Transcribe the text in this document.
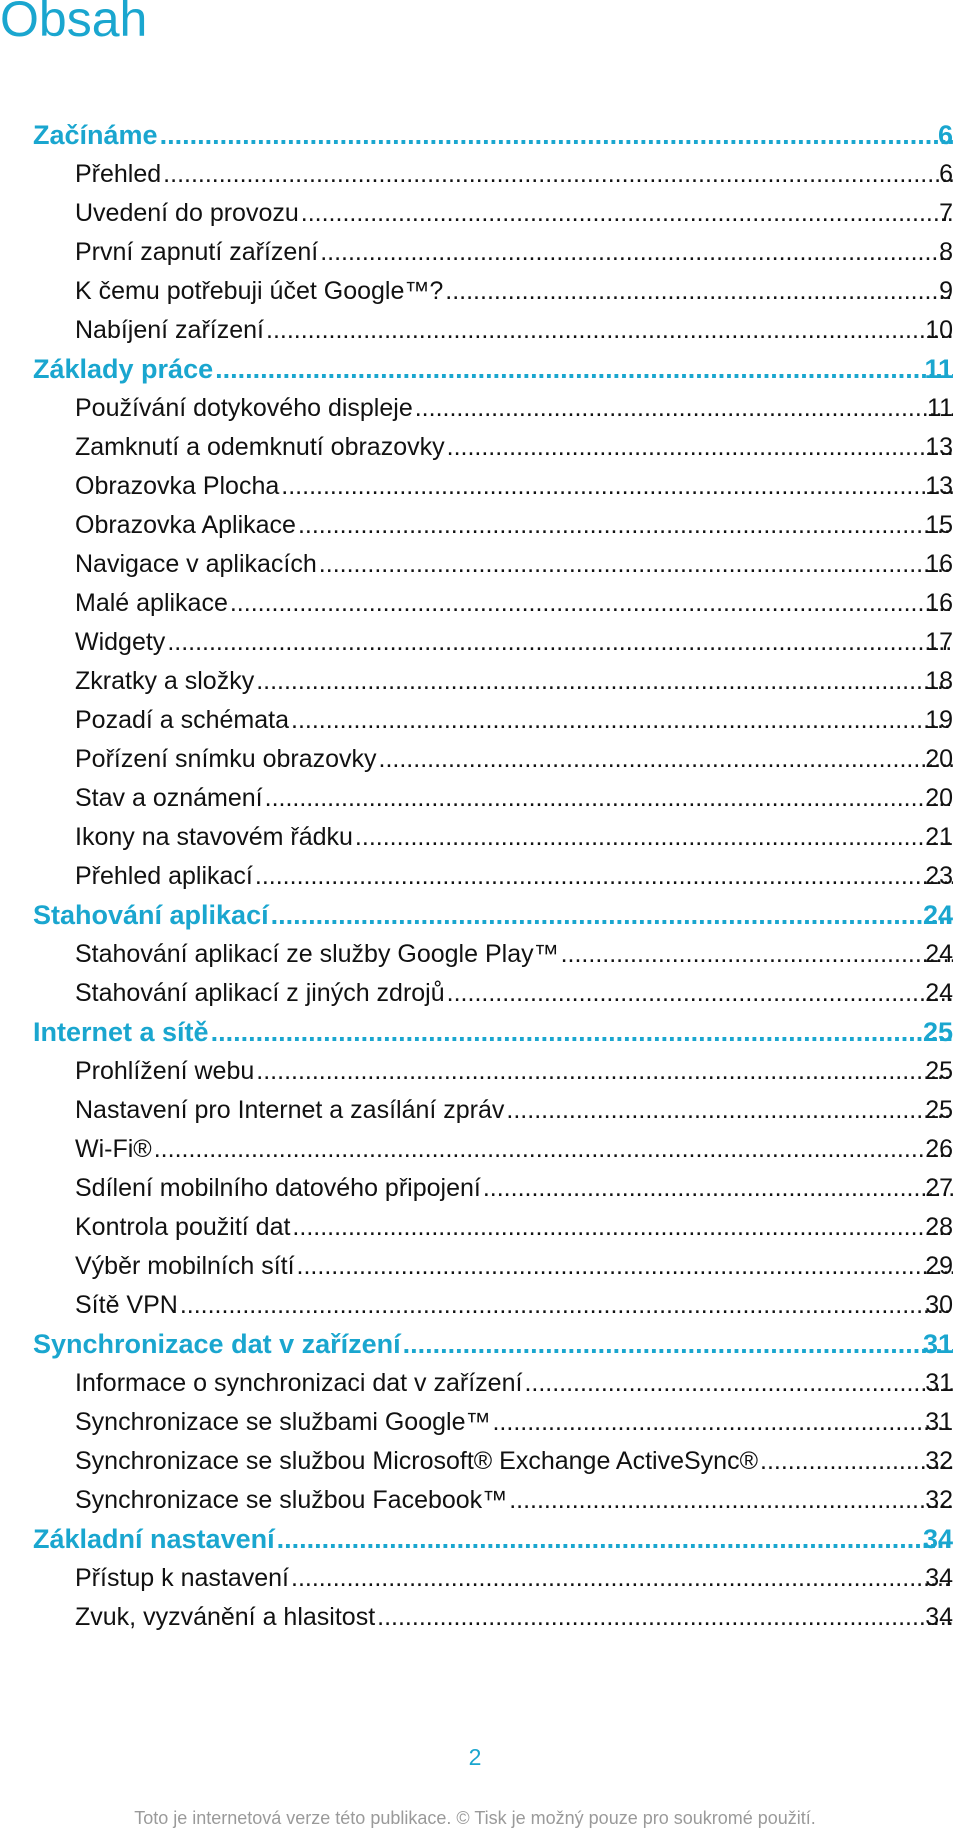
Obsah
Začínáme .....
Přehled .....
Uvedení do provozu .....
První zapnutí zařízení .....
K čemu potřebuji účet Google™? .....
Nabíjení zařízení .....
Základy práce .....
Používání dotykového displeje .....
Zamknutí a odemknutí obrazovky .....
Obrazovka Plocha .....
Obrazovka Aplikace .....
Navigace v aplikacích .....
Malé aplikace .....
Widgety .....
Zkratky a složky .....
Pozadí a schémata .....
Pořízení snímku obrazovky .....
Stav a oznámení .....
Ikony na stavovém řádku .....
Přehled aplikací .....
Stahování aplikací .....
Stahování aplikací ze služby Google Play™ .....
Stahování aplikací z jiných zdrojů .....
Internet a sítě .....
Prohlížení webu .....
Nastavení pro Internet a zasílání zpráv .....
Wi-Fi® .....
Sdílení mobilního datového připojení .....
Kontrola použití dat .....
Výběr mobilních sítí .....
Sítě VPN .....
Synchronizace dat v zařízení .....
Informace o synchronizaci dat v zařízení .....
Synchronizace se službami Google™ .....
Synchronizace se službou Microsoft® Exchange ActiveSync® .....
Synchronizace se službou Facebook™ .....
Základní nastavení .....
Přístup k nastavení .....
Zvuk, vyzvánění a hlasitost .....
2
Toto je internetová verze této publikace. © Tisk je možný pouze pro soukromé použití.
